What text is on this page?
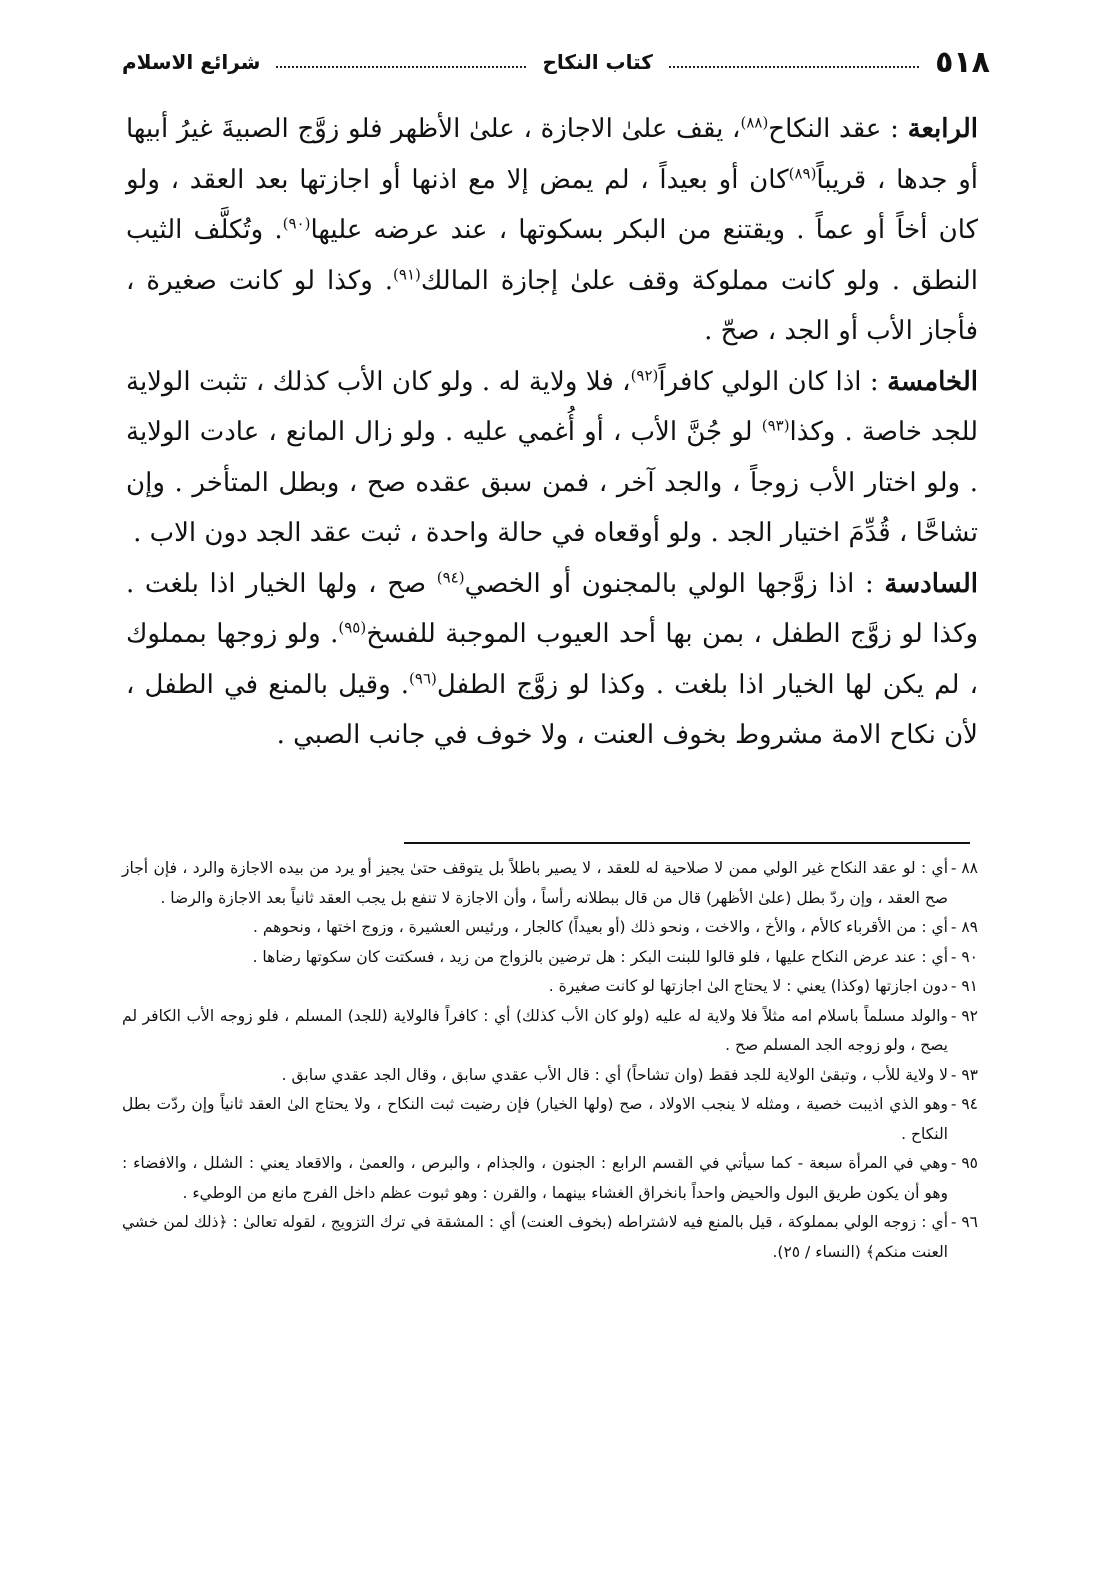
٥١٨
كتاب النكاح
شرائع الاسلام

الرابعة : عقد النكاح$^{(٨٨)}$، يقف علىٰ الاجازة ، علىٰ الأظهر فلو زوَّج الصبيةَ غيرُ أبيها أو جدها ، قريباً$^{(٨٩)}$كان أو بعيداً ، لم يمض إلا مع اذنها أو اجازتها بعد العقد ، ولو كان أخاً أو عماً . ويقتنع من البكر بسكوتها ، عند عرضه عليها$^{(٩٠)}$. وتُكلَّف الثيب النطق . ولو كانت مملوكة وقف علىٰ إجازة المالك$^{(٩١)}$. وكذا لو كانت صغيرة ، فأجاز الأب أو الجد ، صحّ .

الخامسة : اذا كان الولي كافراً$^{(٩٢)}$، فلا ولاية له . ولو كان الأب كذلك ، تثبت الولاية للجد خاصة . وكذا$^{(٩٣)}$ لو جُنَّ الأب ، أو أُغمي عليه . ولو زال المانع ، عادت الولاية . ولو اختار الأب زوجاً ، والجد آخر ، فمن سبق عقده صح ، وبطل المتأخر . وإن تشاحَّا ، قُدِّمَ اختيار الجد . ولو أوقعاه في حالة واحدة ، ثبت عقد الجد دون الاب .

السادسة : اذا زوَّجها الولي بالمجنون أو الخصي$^{(٩٤)}$ صح ، ولها الخيار اذا بلغت . وكذا لو زوَّج الطفل ، بمن بها أحد العيوب الموجبة للفسخ$^{(٩٥)}$. ولو زوجها بمملوك ، لم يكن لها الخيار اذا بلغت . وكذا لو زوَّج الطفل$^{(٩٦)}$. وقيل بالمنع في الطفل ، لأن نكاح الامة مشروط بخوف العنت ، ولا خوف في جانب الصبي .

٨٨ -
أي : لو عقد النكاح غير الولي ممن لا صلاحية له للعقد ، لا يصير باطلاً بل يتوقف حتىٰ يجيز أو يرد من بيده الاجازة والرد ، فإن أجاز صح العقد ، وإن ردّ بطل (علىٰ الأظهر) قال من قال ببطلانه رأساً ، وأن الاجازة لا تنفع بل يجب العقد ثانياً بعد الاجازة والرضا .
٨٩ -
أي : من الأقرباء كالأم ، والأخ ، والاخت ، ونحو ذلك (أو بعيداً) كالجار ، ورئيس العشيرة ، وزوج اختها ، ونحوهم .
٩٠ -
أي : عند عرض النكاح عليها ، فلو قالوا للبنت البكر : هل ترضين بالزواج من زيد ، فسكتت كان سكوتها رضاها .
٩١ -
دون اجازتها (وكذا) يعني : لا يحتاج الىٰ اجازتها لو كانت صغيرة .
٩٢ -
والولد مسلماً باسلام امه مثلاً فلا ولاية له عليه (ولو كان الأب كذلك) أي : كافراً فالولاية (للجد) المسلم ، فلو زوجه الأب الكافر لم يصح ، ولو زوجه الجد المسلم صح .
٩٣ -
لا ولاية للأب ، وتبقىٰ الولاية للجد فقط (وان تشاحاً) أي : قال الأب عقدي سابق ، وقال الجد عقدي سابق .
٩٤ -
وهو الذي اذيبت خصية ، ومثله لا ينجب الاولاد ، صح (ولها الخيار) فإن رضيت ثبت النكاح ، ولا يحتاج الىٰ العقد ثانياً وإن ردّت بطل النكاح .
٩٥ -
وهي في المرأة سبعة - كما سيأتي في القسم الرابع : الجنون ، والجذام ، والبرص ، والعمىٰ ، والاقعاد يعني : الشلل ، والافضاء : وهو أن يكون طريق البول والحيض واحداً بانخراق الغشاء بينهما ، والقرن : وهو ثبوت عظم داخل الفرج مانع من الوطيء .
٩٦ -
أي : زوجه الولي بمملوكة ، قيل بالمنع فيه لاشتراطه (بخوف العنت) أي : المشقة في ترك التزويج ، لقوله تعالىٰ : ﴿ذلك لمن خشي العنت منكم﴾ (النساء / ٢٥).
